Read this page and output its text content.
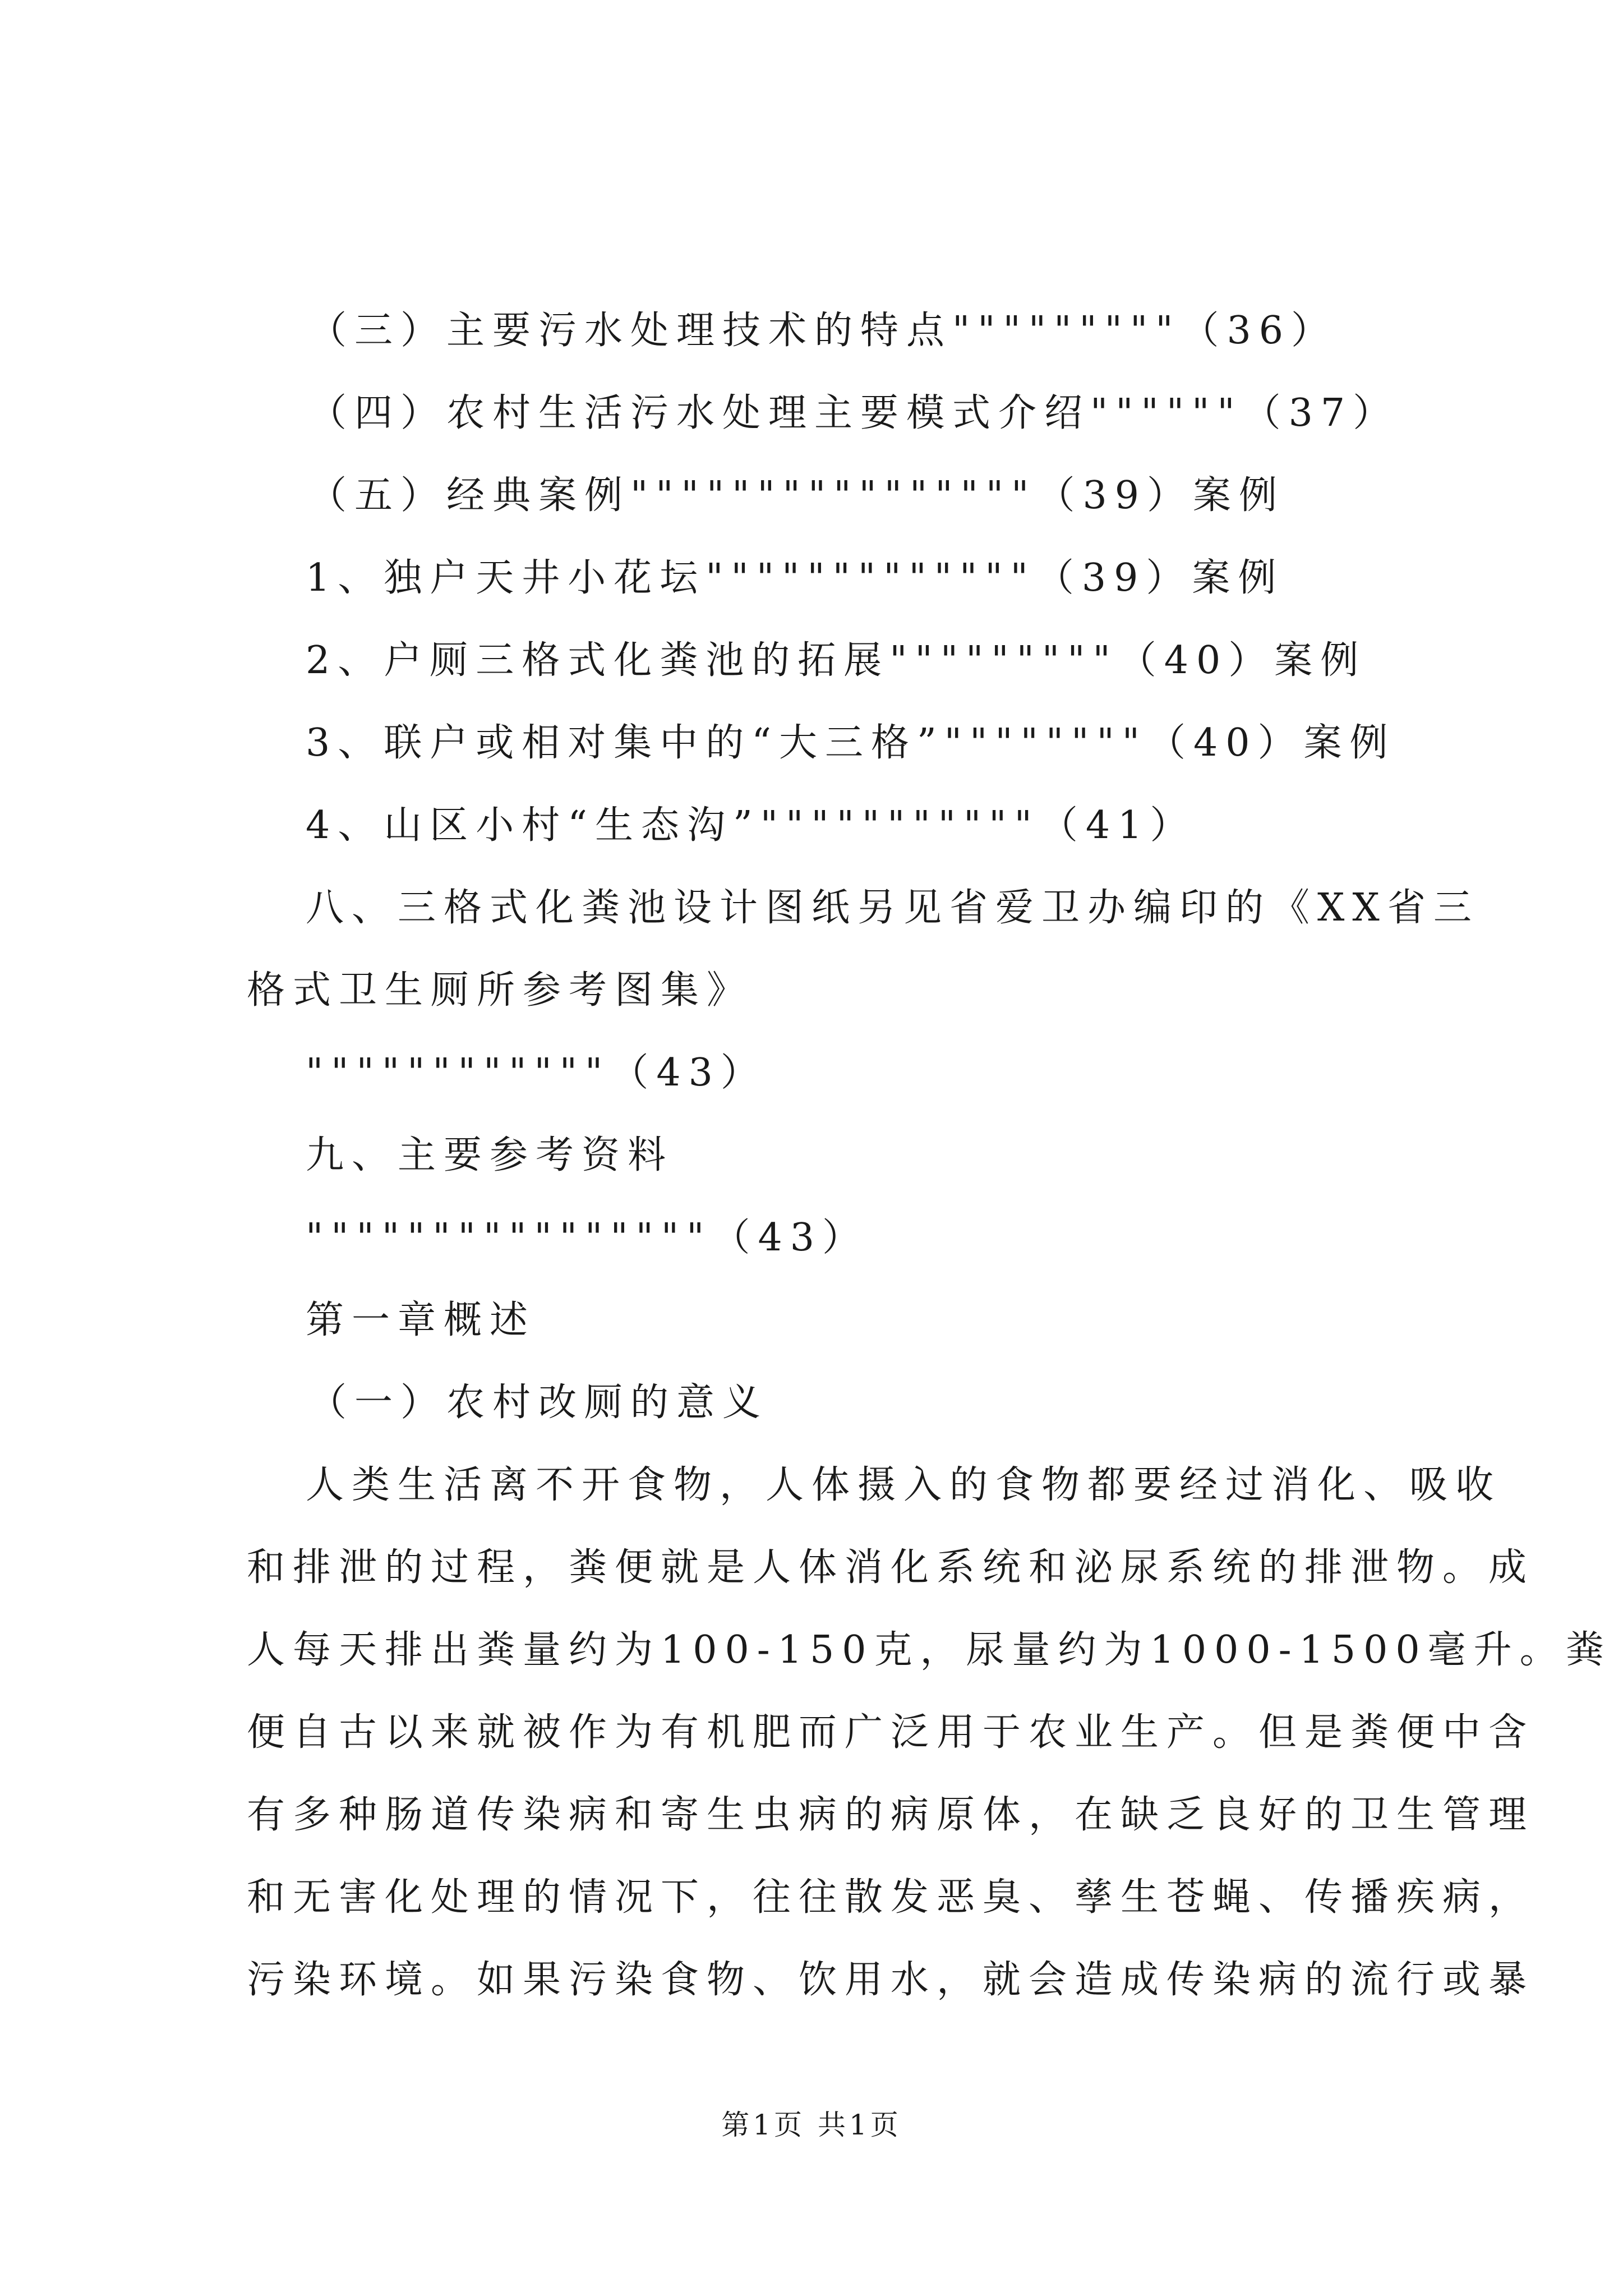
（三）主要污水处理技术的特点"""""""""（36）
（四）农村生活污水处理主要模式介绍""""""（37）
（五）经典案例""""""""""""""""（39）案例
1、独户天井小花坛"""""""""""""（39）案例
2、户厕三格式化粪池的拓展"""""""""（40）案例
3、联户或相对集中的“大三格”""""""""（40）案例
4、山区小村“生态沟”"""""""""""（41）
八、三格式化粪池设计图纸另见省爱卫办编印的《XX省三
格式卫生厕所参考图集》
""""""""""""（43）
九、主要参考资料
""""""""""""""""（43）
第一章概述
（一）农村改厕的意义
人类生活离不开食物，人体摄入的食物都要经过消化、吸收
和排泄的过程，粪便就是人体消化系统和泌尿系统的排泄物。成
人每天排出粪量约为100-150克，尿量约为1000-1500毫升。粪
便自古以来就被作为有机肥而广泛用于农业生产。但是粪便中含
有多种肠道传染病和寄生虫病的病原体，在缺乏良好的卫生管理
和无害化处理的情况下，往往散发恶臭、孳生苍蝇、传播疾病，
污染环境。如果污染食物、饮用水，就会造成传染病的流行或暴
第1页 共1页
